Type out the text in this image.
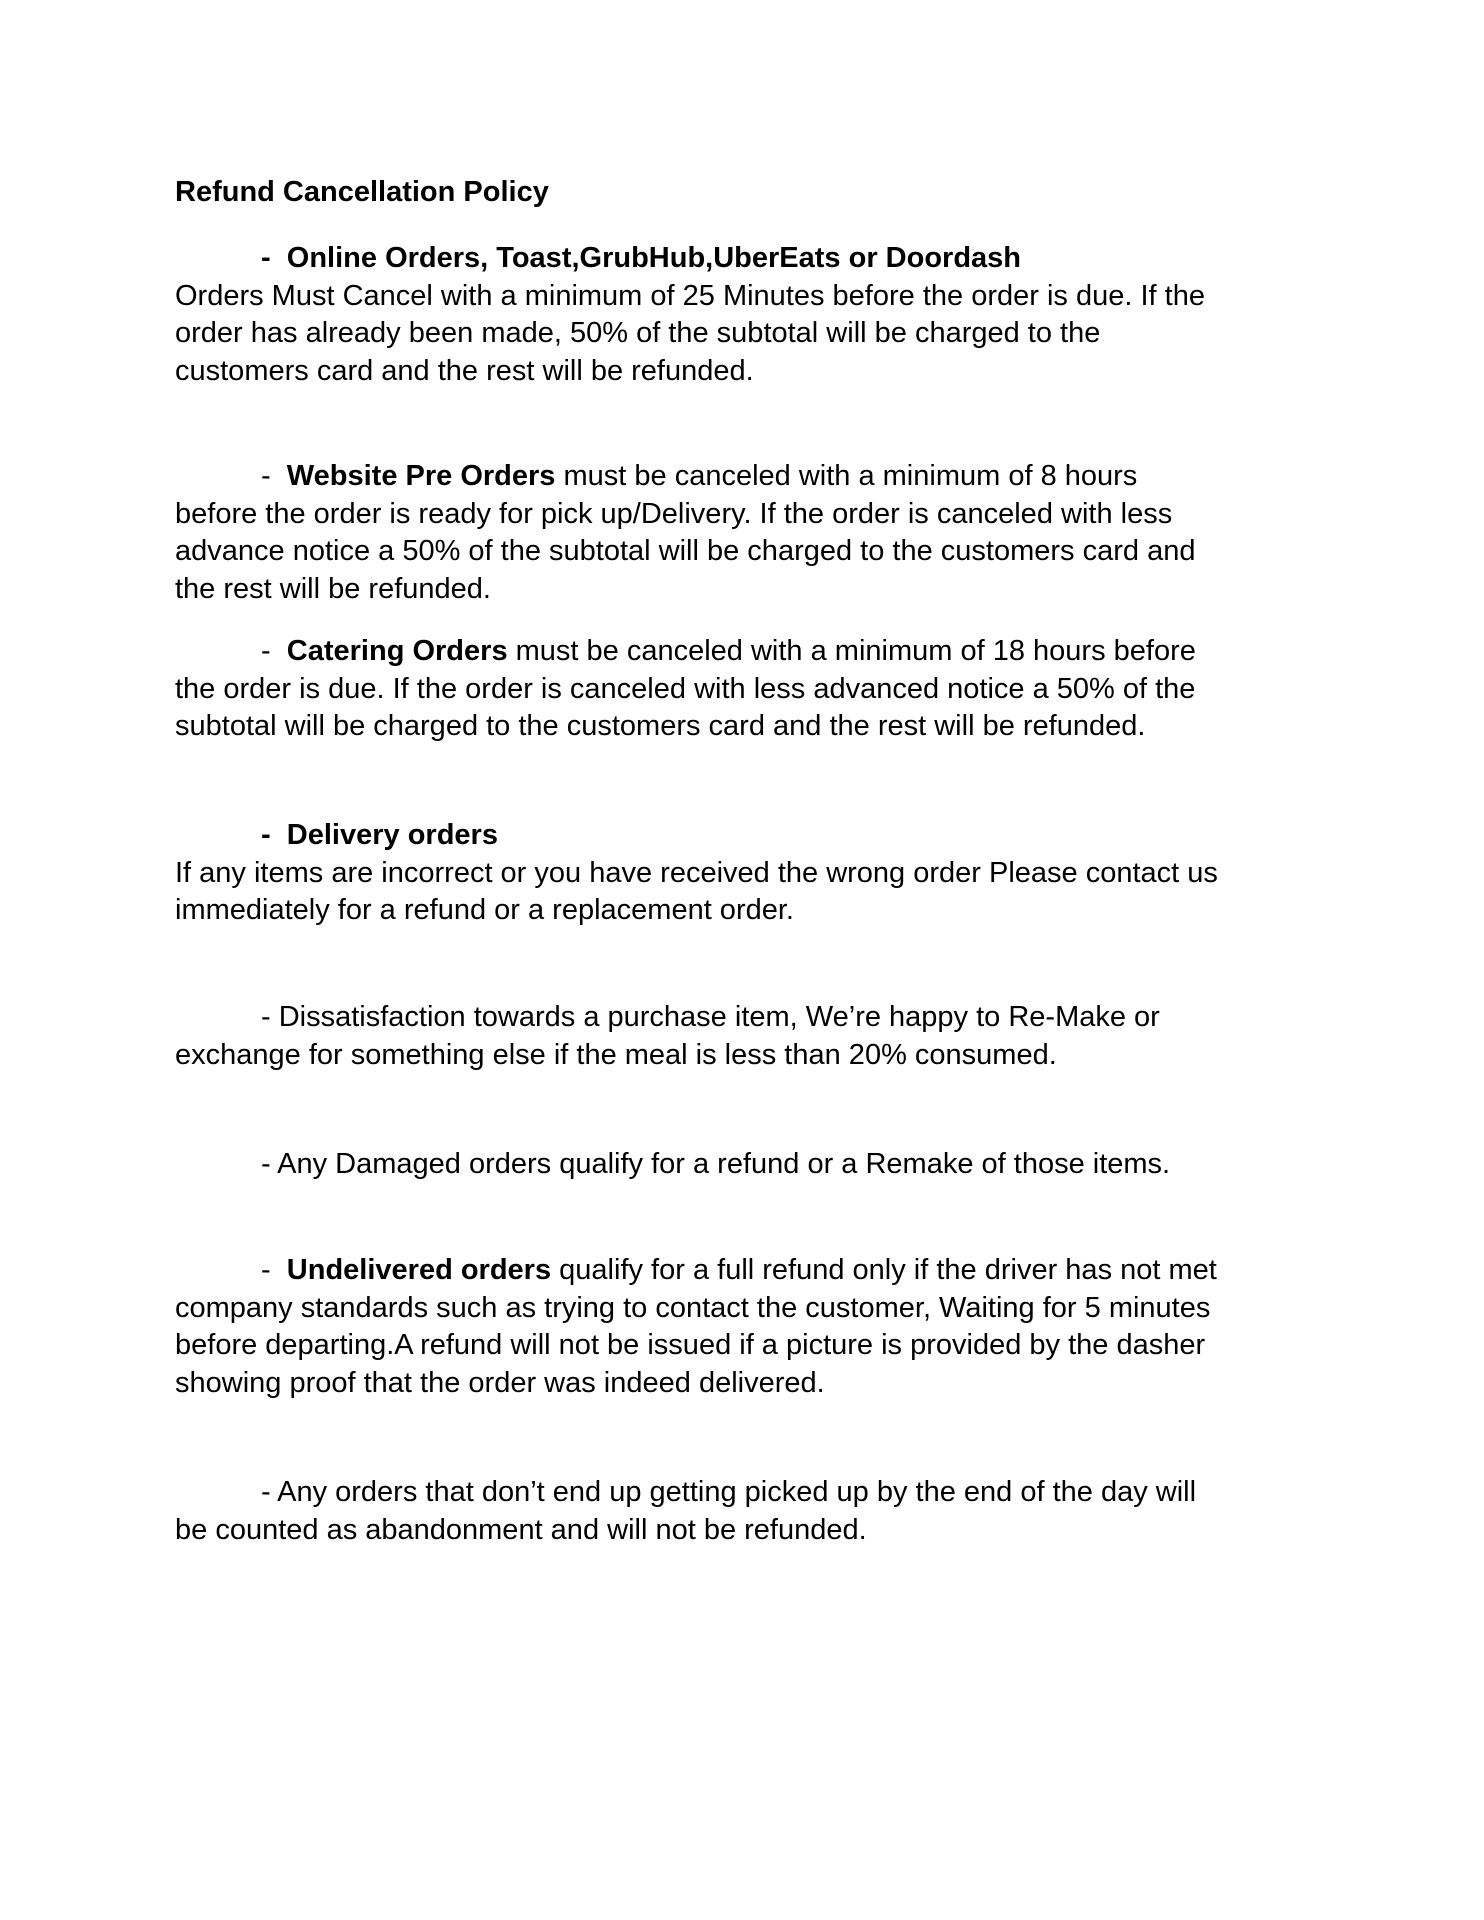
Refund Cancellation Policy
-  Online Orders, Toast,GrubHub,UberEats or Doordash
Orders Must Cancel with a minimum of 25 Minutes before the order is due. If the
order has already been made, 50% of the subtotal will be charged to the
customers card and the rest will be refunded.
-  Website Pre Orders must be canceled with a minimum of 8 hours
before the order is ready for pick up/Delivery. If the order is canceled with less
advance notice a 50% of the subtotal will be charged to the customers card and
the rest will be refunded.
-  Catering Orders must be canceled with a minimum of 18 hours before
the order is due. If the order is canceled with less advanced notice a 50% of the
subtotal will be charged to the customers card and the rest will be refunded.
-  Delivery orders
If any items are incorrect or you have received the wrong order Please contact us
immediately for a refund or a replacement order.
- Dissatisfaction towards a purchase item, We’re happy to Re-Make or
exchange for something else if the meal is less than 20% consumed.
- Any Damaged orders qualify for a refund or a Remake of those items.
-  Undelivered orders qualify for a full refund only if the driver has not met
company standards such as trying to contact the customer, Waiting for 5 minutes
before departing.A refund will not be issued if a picture is provided by the dasher
showing proof that the order was indeed delivered.
- Any orders that don’t end up getting picked up by the end of the day will
be counted as abandonment and will not be refunded.
